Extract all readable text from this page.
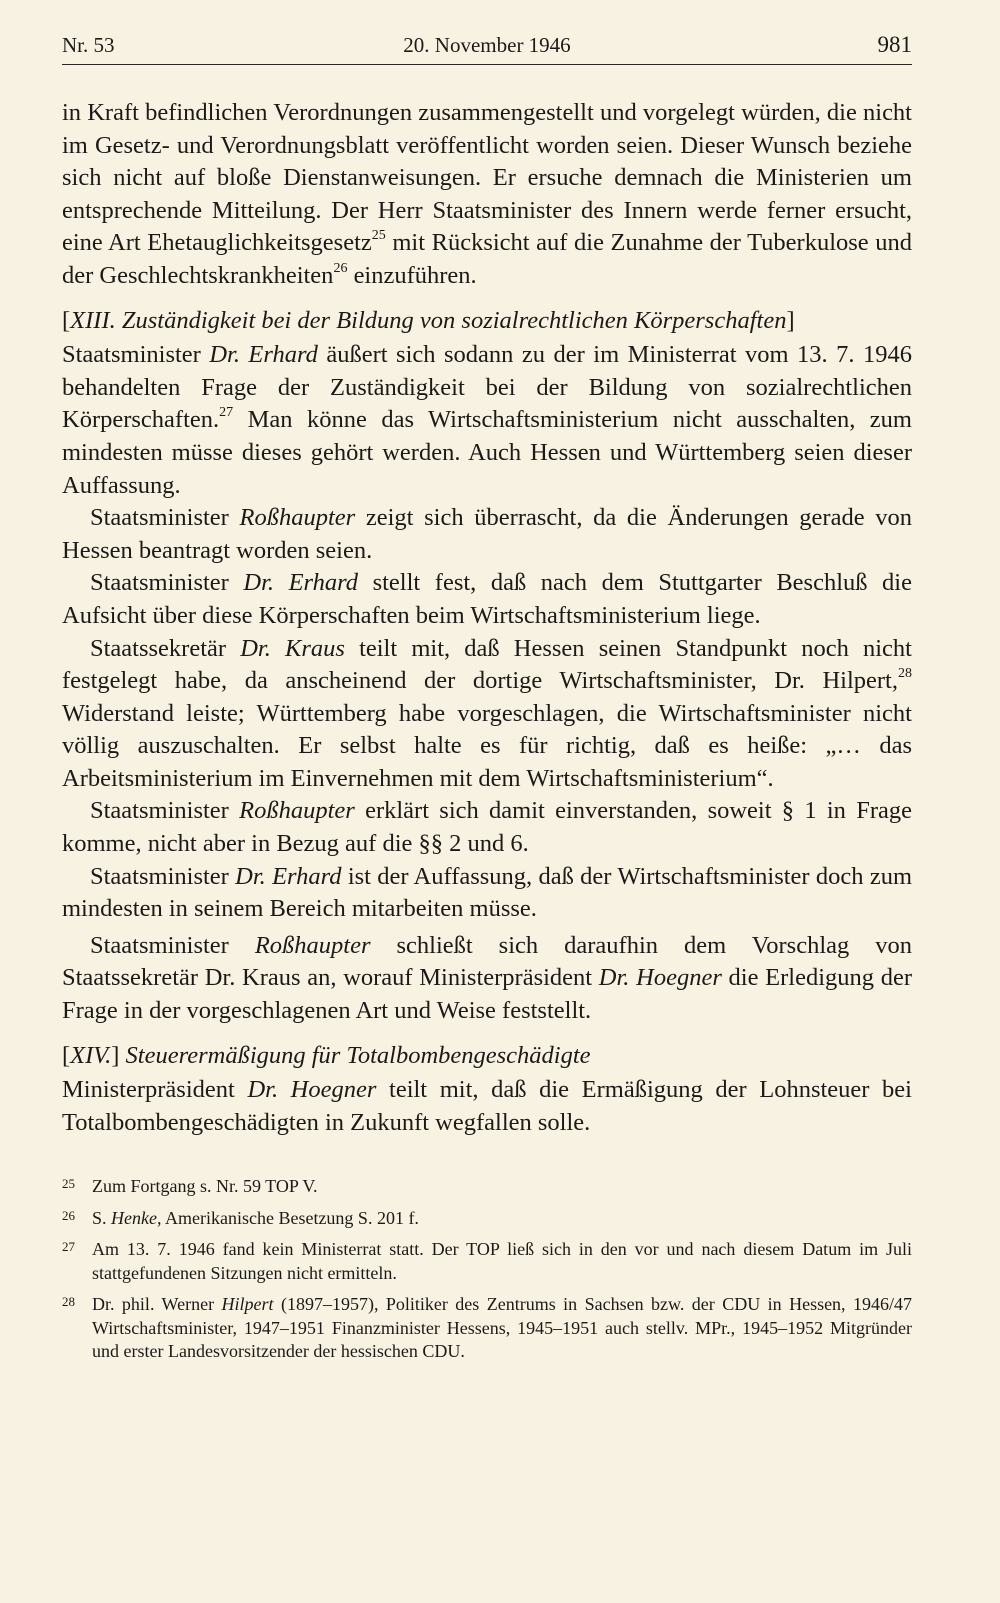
Nr. 53	20. November 1946	981

in Kraft befindlichen Verordnungen zusammengestellt und vorgelegt würden, die nicht im Gesetz- und Verordnungsblatt veröffentlicht worden seien. Dieser Wunsch beziehe sich nicht auf bloße Dienstanweisungen. Er ersuche demnach die Ministerien um entsprechende Mitteilung. Der Herr Staatsminister des Innern werde ferner ersucht, eine Art Ehetauglichkeitsgesetz$^{25}$ mit Rücksicht auf die Zunahme der Tuberkulose und der Geschlechtskrankheiten$^{26}$ einzuführen.

[XIII. Zuständigkeit bei der Bildung von sozialrechtlichen Körperschaften]

Staatsminister Dr. Erhard äußert sich sodann zu der im Ministerrat vom 13. 7. 1946 behandelten Frage der Zuständigkeit bei der Bildung von sozialrechtlichen Körperschaften.$^{27}$ Man könne das Wirtschaftsministerium nicht ausschalten, zum mindesten müsse dieses gehört werden. Auch Hessen und Württemberg seien dieser Auffassung.

Staatsminister Roßhaupter zeigt sich überrascht, da die Änderungen gerade von Hessen beantragt worden seien.

Staatsminister Dr. Erhard stellt fest, daß nach dem Stuttgarter Beschluß die Aufsicht über diese Körperschaften beim Wirtschaftsministerium liege.

Staatssekretär Dr. Kraus teilt mit, daß Hessen seinen Standpunkt noch nicht festgelegt habe, da anscheinend der dortige Wirtschaftsminister, Dr. Hilpert,$^{28}$ Widerstand leiste; Württemberg habe vorgeschlagen, die Wirtschaftsminister nicht völlig auszuschalten. Er selbst halte es für richtig, daß es heiße: „… das Arbeitsministerium im Einvernehmen mit dem Wirtschaftsministerium“.

Staatsminister Roßhaupter erklärt sich damit einverstanden, soweit § 1 in Frage komme, nicht aber in Bezug auf die §§ 2 und 6.

Staatsminister Dr. Erhard ist der Auffassung, daß der Wirtschaftsminister doch zum mindesten in seinem Bereich mitarbeiten müsse.

Staatsminister Roßhaupter schließt sich daraufhin dem Vorschlag von Staatssekretär Dr. Kraus an, worauf Ministerpräsident Dr. Hoegner die Erledigung der Frage in der vorgeschlagenen Art und Weise feststellt.

[XIV.] Steuerermäßigung für Totalbombengeschädigte

Ministerpräsident Dr. Hoegner teilt mit, daß die Ermäßigung der Lohnsteuer bei Totalbombengeschädigten in Zukunft wegfallen solle.

25 Zum Fortgang s. Nr. 59 TOP V.
26 S. Henke, Amerikanische Besetzung S. 201 f.
27 Am 13. 7. 1946 fand kein Ministerrat statt. Der TOP ließ sich in den vor und nach diesem Datum im Juli stattgefundenen Sitzungen nicht ermitteln.
28 Dr. phil. Werner Hilpert (1897–1957), Politiker des Zentrums in Sachsen bzw. der CDU in Hessen, 1946/47 Wirtschaftsminister, 1947–1951 Finanzminister Hessens, 1945–1951 auch stellv. MPr., 1945–1952 Mitgründer und erster Landesvorsitzender der hessischen CDU.
